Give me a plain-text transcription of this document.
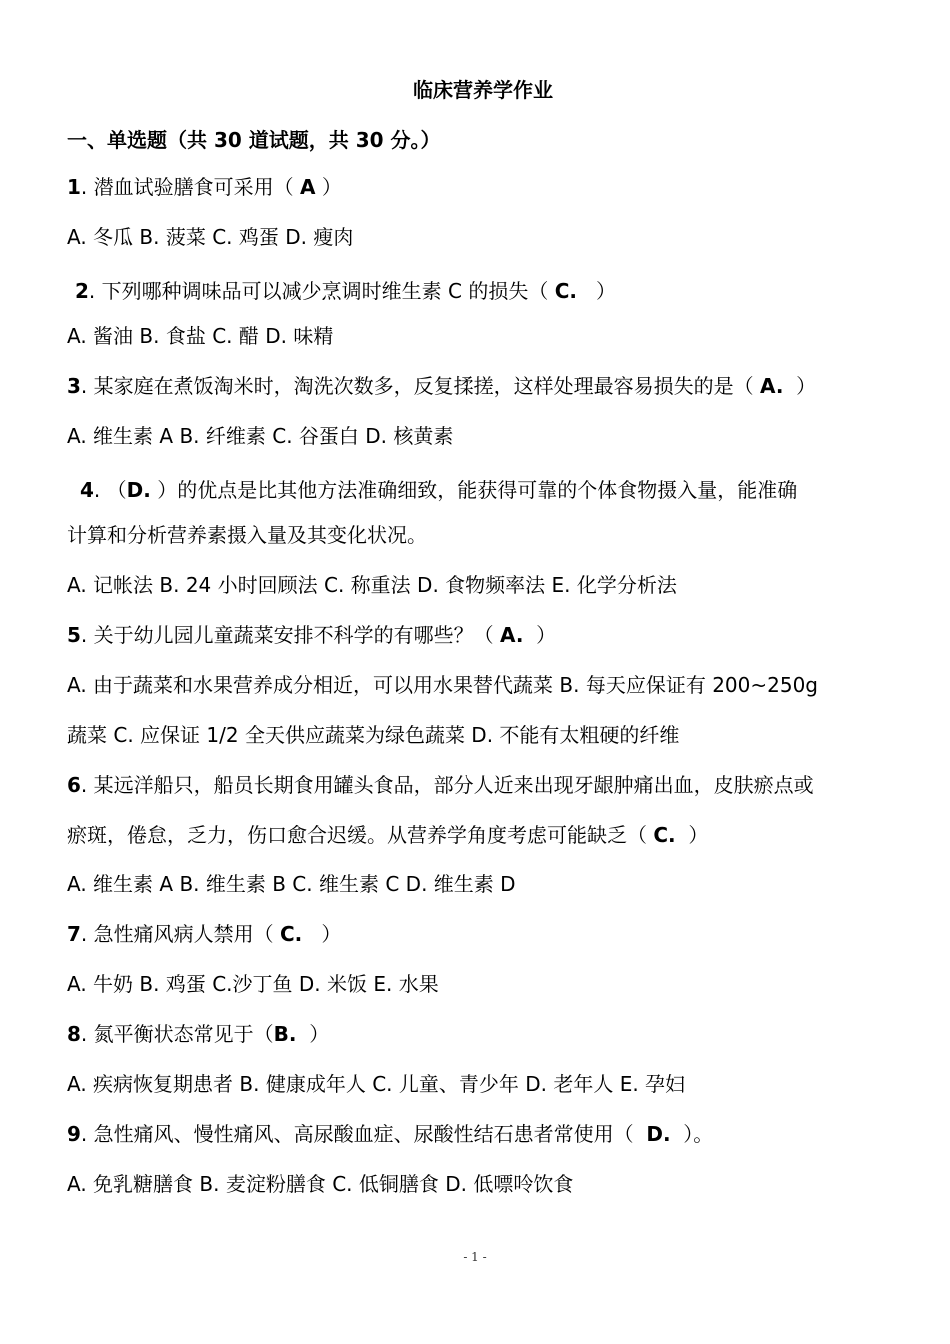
临床营养学作业
一、单选题（共 30 道试题，共 30 分。）
1. 潜血试验膳食可采用（ A ）
A. 冬瓜 B. 菠菜 C. 鸡蛋 D. 瘦肉
2. 下列哪种调味品可以减少烹调时维生素 C 的损失（ C.   ）
A. 酱油 B. 食盐 C. 醋 D. 味精
3. 某家庭在煮饭淘米时，淘洗次数多，反复揉搓，这样处理最容易损失的是（ A.  ）
A. 维生素 A B. 纤维素 C. 谷蛋白 D. 核黄素
4. （D. ）的优点是比其他方法准确细致，能获得可靠的个体食物摄入量，能准确
计算和分析营养素摄入量及其变化状况。
A. 记帐法 B. 24 小时回顾法 C. 称重法 D. 食物频率法 E. 化学分析法
5. 关于幼儿园儿童蔬菜安排不科学的有哪些？（ A.  ）
A. 由于蔬菜和水果营养成分相近，可以用水果替代蔬菜 B. 每天应保证有 200~250g
蔬菜 C. 应保证 1/2 全天供应蔬菜为绿色蔬菜 D. 不能有太粗硬的纤维
6. 某远洋船只，船员长期食用罐头食品，部分人近来出现牙龈肿痛出血，皮肤瘀点或
瘀斑，倦怠，乏力，伤口愈合迟缓。从营养学角度考虑可能缺乏（ C.  ）
A. 维生素 A B. 维生素 B C. 维生素 C D. 维生素 D
7. 急性痛风病人禁用（ C.   ）
A. 牛奶 B. 鸡蛋 C.沙丁鱼 D. 米饭 E. 水果
8. 氮平衡状态常见于（B.  ）
A. 疾病恢复期患者 B. 健康成年人 C. 儿童、青少年 D. 老年人 E. 孕妇
9. 急性痛风、慢性痛风、高尿酸血症、尿酸性结石患者常使用（  D.  ）。
A. 免乳糖膳食 B. 麦淀粉膳食 C. 低铜膳食 D. 低嘌呤饮食
- 1 -
